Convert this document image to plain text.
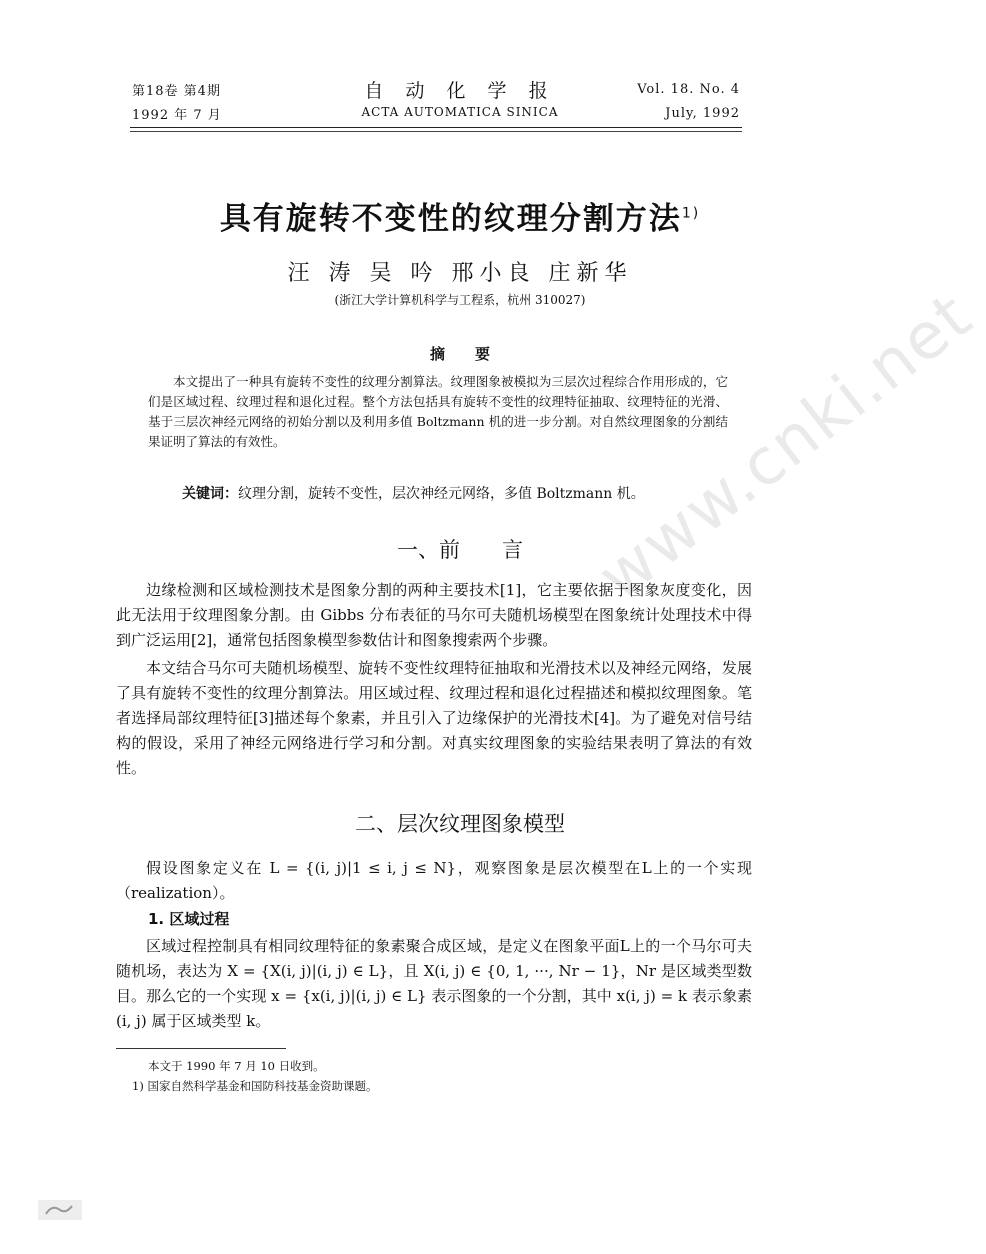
第18卷 第4期
1992 年 7 月
自 动 化 学 报
ACTA AUTOMATICA SINICA
Vol. 18. No. 4
July, 1992
具有旋转不变性的纹理分割方法$^{1)}$
汪 涛 吴 吟 邢小良 庄新华
(浙江大学计算机科学与工程系，杭州 310027)
摘　　要
本文提出了一种具有旋转不变性的纹理分割算法。纹理图象被模拟为三层次过程综合作用形成的，它们是区域过程、纹理过程和退化过程。整个方法包括具有旋转不变性的纹理特征抽取、纹理特征的光滑、基于三层次神经元网络的初始分割以及利用多值 Boltzmann 机的进一步分割。对自然纹理图象的分割结果证明了算法的有效性。
关键词：纹理分割，旋转不变性，层次神经元网络，多值 Boltzmann 机。
www.cnki.net
一、前　　言
边缘检测和区域检测技术是图象分割的两种主要技术[1]，它主要依据于图象灰度变化，因此无法用于纹理图象分割。由 Gibbs 分布表征的马尔可夫随机场模型在图象统计处理技术中得到广泛运用[2]，通常包括图象模型参数估计和图象搜索两个步骤。
本文结合马尔可夫随机场模型、旋转不变性纹理特征抽取和光滑技术以及神经元网络，发展了具有旋转不变性的纹理分割算法。用区域过程、纹理过程和退化过程描述和模拟纹理图象。笔者选择局部纹理特征[3]描述每个象素，并且引入了边缘保护的光滑技术[4]。为了避免对信号结构的假设，采用了神经元网络进行学习和分割。对真实纹理图象的实验结果表明了算法的有效性。
二、层次纹理图象模型
假设图象定义在 L = {(i, j)|1 ≤ i, j ≤ N}，观察图象是层次模型在L上的一个实现（realization）。
1. 区域过程
区域过程控制具有相同纹理特征的象素聚合成区域，是定义在图象平面L上的一个马尔可夫随机场，表达为 X = {X(i, j)|(i, j) ∈ L}，且 X(i, j) ∈ {0, 1, ···, Nr − 1}，Nr 是区域类型数目。那么它的一个实现 x = {x(i, j)|(i, j) ∈ L} 表示图象的一个分割，其中 x(i, j) = k 表示象素 (i, j) 属于区域类型 k。
本文于 1990 年 7 月 10 日收到。
1) 国家自然科学基金和国防科技基金资助课题。
